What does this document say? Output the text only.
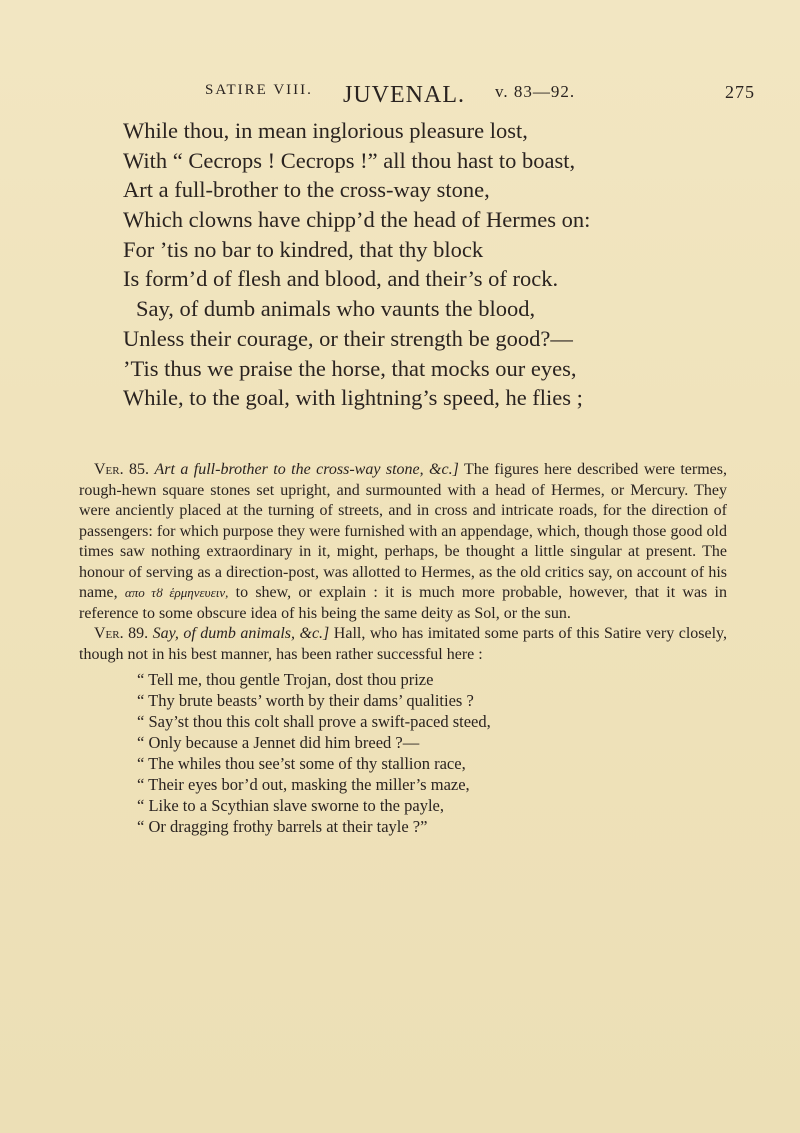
SATIRE VIII. JUVENAL. v. 83—92.	275
While thou, in mean inglorious pleasure lost,
With “ Cecrops ! Cecrops !” all thou hast to boast,
Art a full-brother to the cross-way stone,
Which clowns have chipp’d the head of Hermes on:
For ’tis no bar to kindred, that thy block
Is form’d of flesh and blood, and their’s of rock.
Say, of dumb animals who vaunts the blood,
Unless their courage, or their strength be good?—
’Tis thus we praise the horse, that mocks our eyes,
While, to the goal, with lightning’s speed, he flies ;

Ver. 85. Art a full-brother to the cross-way stone, &c.] The figures here described were termes, rough-hewn square stones set upright, and surmounted with a head of Hermes, or Mercury. They were anciently placed at the turning of streets, and in cross and intricate roads, for the direction of passengers: for which purpose they were furnished with an appendage, which, though those good old times saw nothing extraordinary in it, might, perhaps, be thought a little singular at present. The honour of serving as a direction-post, was allotted to Hermes, as the old critics say, on account of his name, απο τȣ ἑρμηνευειν, to shew, or explain : it is much more probable, however, that it was in reference to some obscure idea of his being the same deity as Sol, or the sun.

Ver. 89. Say, of dumb animals, &c.] Hall, who has imitated some parts of this Satire very closely, though not in his best manner, has been rather successful here :

“ Tell me, thou gentle Trojan, dost thou prize
“ Thy brute beasts’ worth by their dams’ qualities ?
“ Say’st thou this colt shall prove a swift-paced steed,
“ Only because a Jennet did him breed ?—
“ The whiles thou see’st some of thy stallion race,
“ Their eyes bor’d out, masking the miller’s maze,
“ Like to a Scythian slave sworne to the payle,
“ Or dragging frothy barrels at their tayle ?”
